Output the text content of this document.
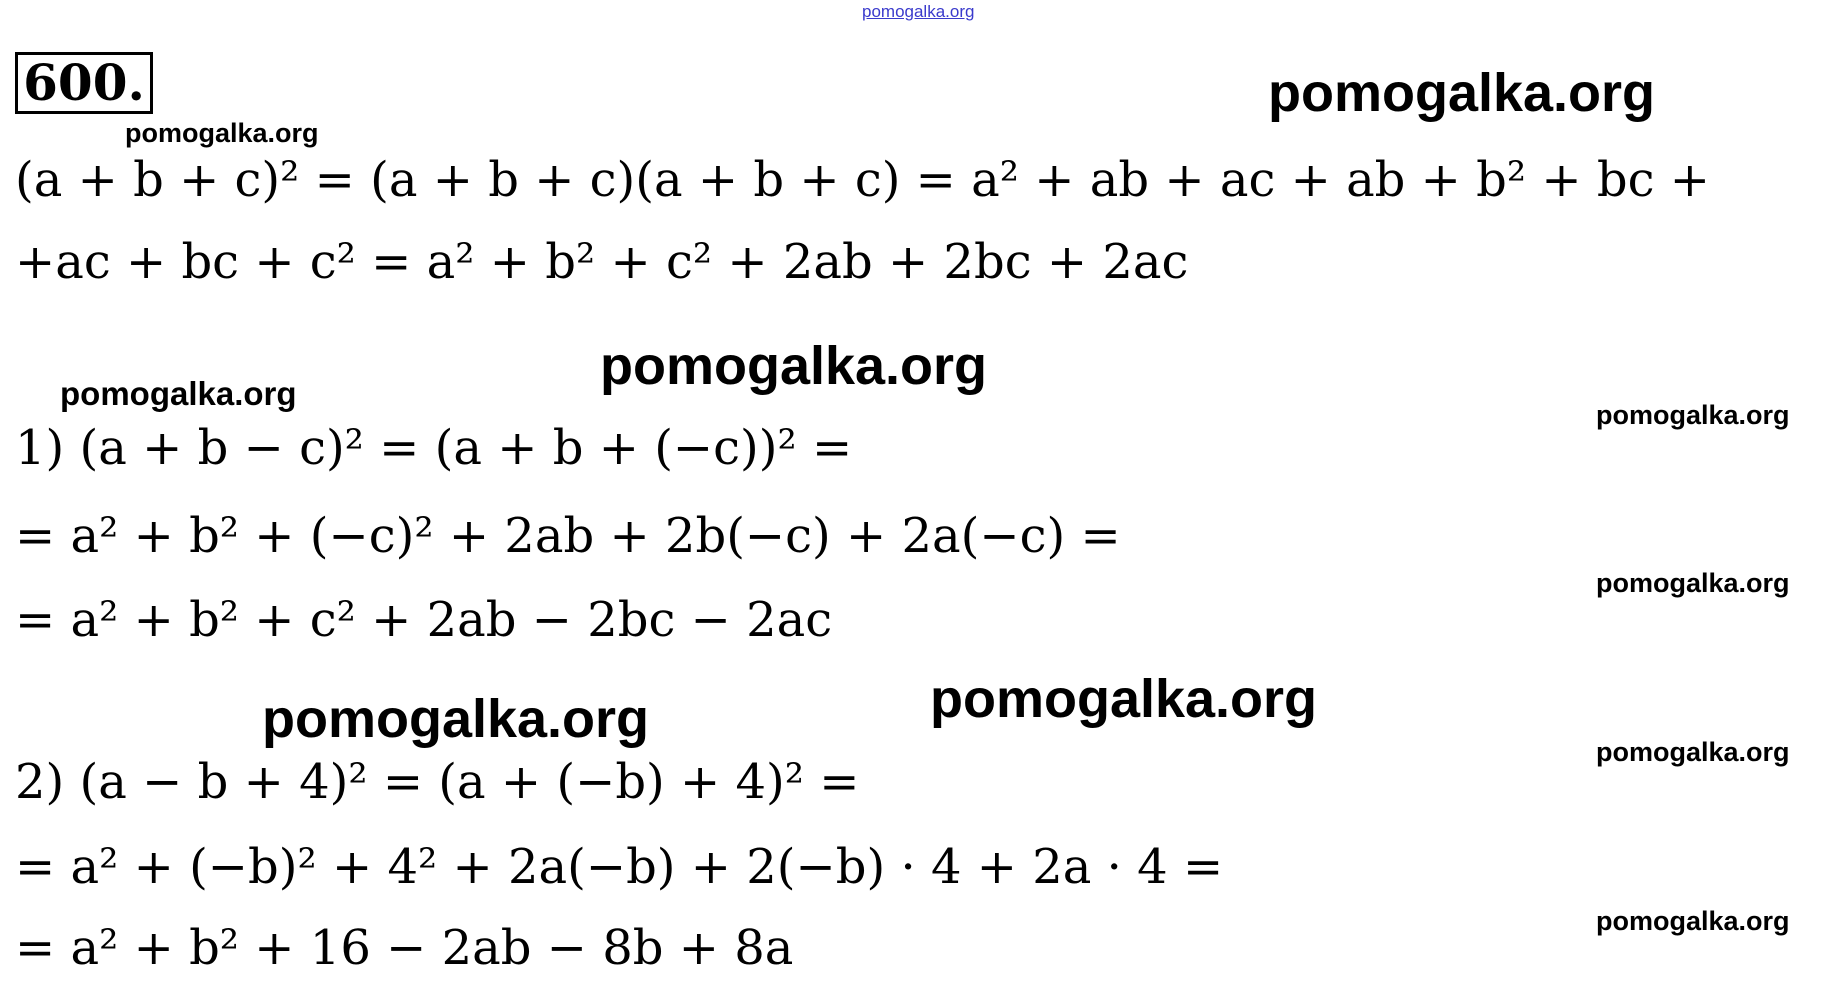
pomogalka.org
600.	pomogalka.org
pomogalka.org
(a + b + c)² = (a + b + c)(a + b + c) = a² + ab + ac + ab + b² + bc +
+ac + bc + c² = a² + b² + c² + 2ab + 2bc + 2ac
pomogalka.org
pomogalka.org
pomogalka.org
1) (a + b − c)² = (a + b + (−c))² =
= a² + b² + (−c)² + 2ab + 2b(−c) + 2a(−c) =
pomogalka.org
= a² + b² + c² + 2ab − 2bc − 2ac
pomogalka.org
pomogalka.org
pomogalka.org
2) (a − b + 4)² = (a + (−b) + 4)² =
= a² + (−b)² + 4² + 2a(−b) + 2(−b) · 4 + 2a · 4 =
pomogalka.org
= a² + b² + 16 − 2ab − 8b + 8a
